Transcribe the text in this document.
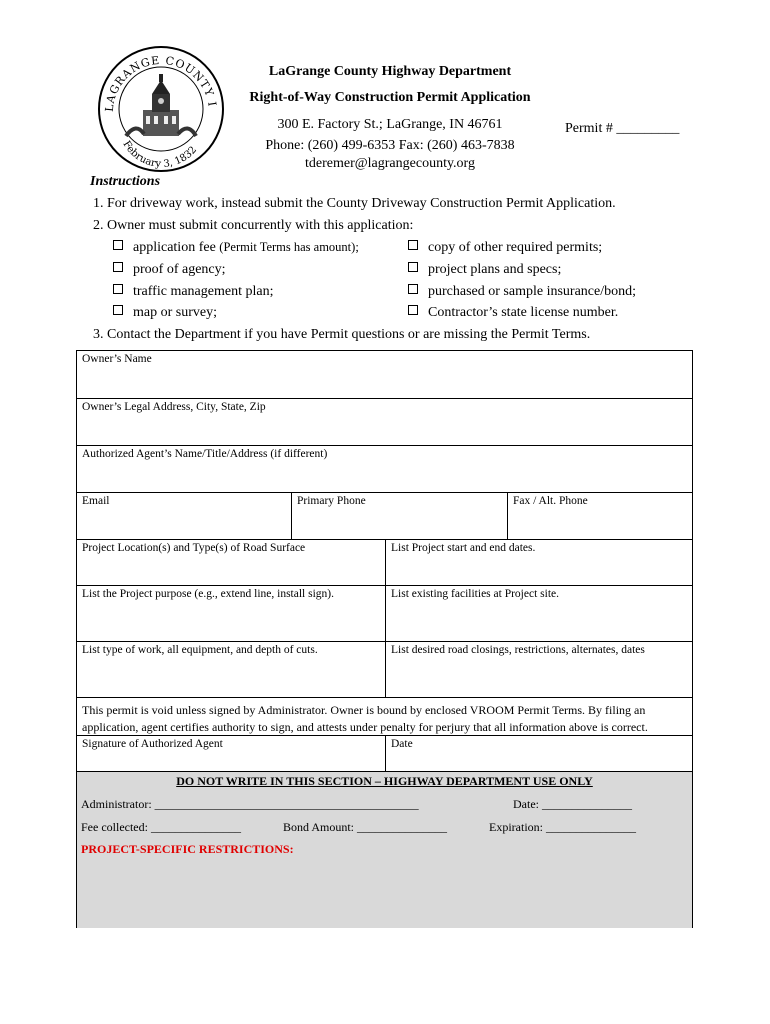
LAGRANGE COUNTY I
February 3, 1832
LaGrange County Highway Department
Right-of-Way Construction Permit Application
300 E. Factory St.; LaGrange, IN 46761
Phone: (260) 499-6353 Fax: (260) 463-7838
tderemer@lagrangecounty.org
Permit # _________
Instructions
1. For driveway work, instead submit the County Driveway Construction Permit Application.
2. Owner must submit concurrently with this application:
application fee (Permit Terms has amount);
proof of agency;
traffic management plan;
map or survey;
copy of other required permits;
project plans and specs;
purchased or sample insurance/bond;
Contractor’s state license number.
3. Contact the Department if you have Permit questions or are missing the Permit Terms.
Owner’s Name
Owner’s Legal Address, City, State, Zip
Authorized Agent’s Name/Title/Address (if different)
Email	Primary Phone	Fax / Alt. Phone
Project Location(s) and Type(s) of Road Surface	List Project start and end dates.
List the Project purpose (e.g., extend line, install sign).	List existing facilities at Project site.
List type of work, all equipment, and depth of cuts.	List desired road closings, restrictions, alternates, dates
This permit is void unless signed by Administrator. Owner is bound by enclosed VROOM Permit Terms. By filing an
application, agent certifies authority to sign, and attests under penalty for perjury that all information above is correct.
Signature of Authorized Agent	Date
DO NOT WRITE IN THIS SECTION – HIGHWAY DEPARTMENT USE ONLY
Administrator: ____________________________________________	Date: _______________
Fee collected: _______________	Bond Amount: _______________	Expiration: _______________
PROJECT-SPECIFIC RESTRICTIONS:
